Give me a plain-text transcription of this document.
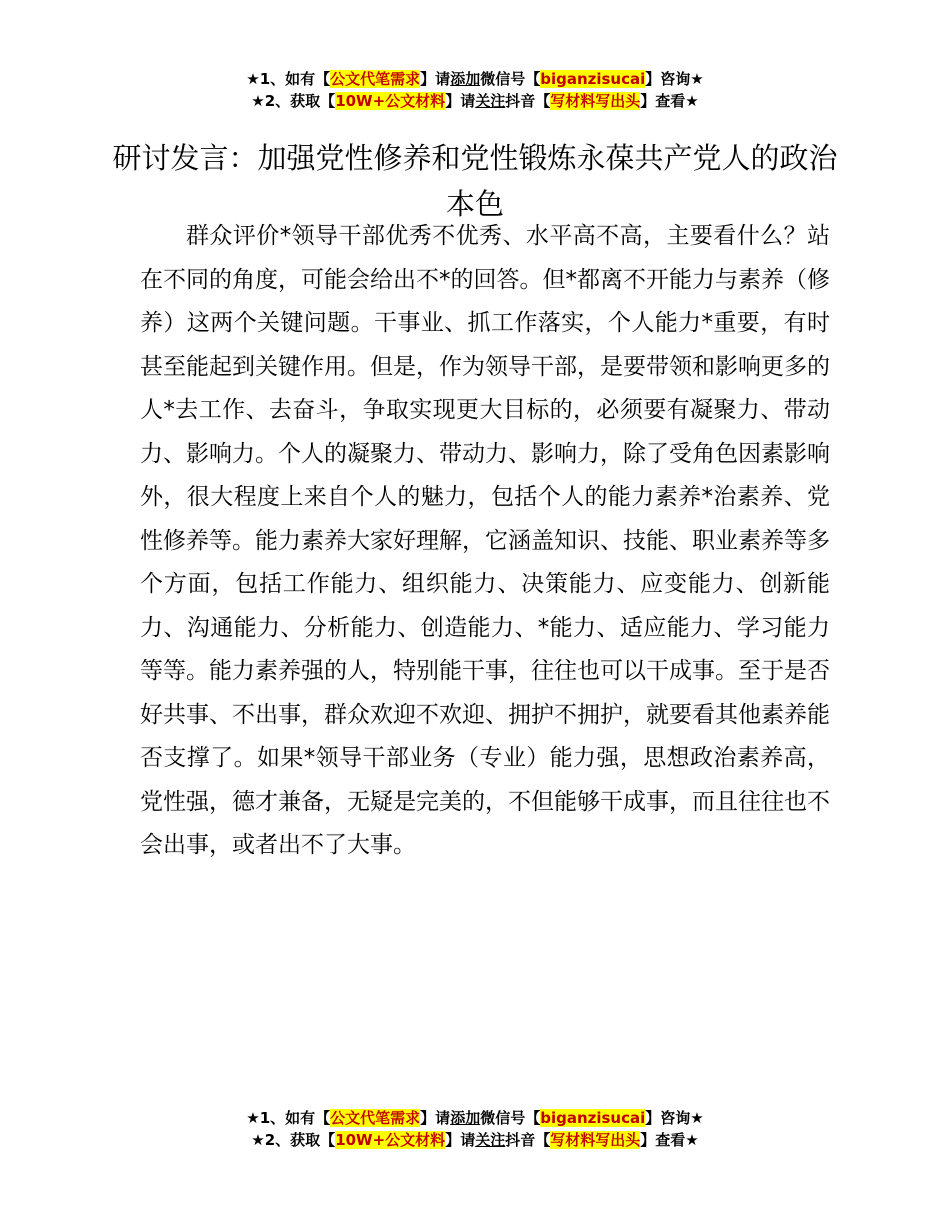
★1、如有【公文代笔需求】请添加微信号【biganzisucai】咨询★
★2、获取【10W+公文材料】请关注抖音【写材料写出头】查看★
研讨发言：加强党性修养和党性锻炼永葆共产党人的政治本色

群众评价*领导干部优秀不优秀、水平高不高，主要看什么？站在不同的角度，可能会给出不*的回答。但*都离不开能力与素养（修养）这两个关键问题。干事业、抓工作落实，个人能力*重要，有时甚至能起到关键作用。但是，作为领导干部，是要带领和影响更多的人*去工作、去奋斗，争取实现更大目标的，必须要有凝聚力、带动力、影响力。个人的凝聚力、带动力、影响力，除了受角色因素影响外，很大程度上来自个人的魅力，包括个人的能力素养*治素养、党性修养等。能力素养大家好理解，它涵盖知识、技能、职业素养等多个方面，包括工作能力、组织能力、决策能力、应变能力、创新能力、沟通能力、分析能力、创造能力、*能力、适应能力、学习能力等等。能力素养强的人，特别能干事，往往也可以干成事。至于是否好共事、不出事，群众欢迎不欢迎、拥护不拥护，就要看其他素养能否支撑了。如果*领导干部业务（专业）能力强，思想政治素养高，党性强，德才兼备，无疑是完美的，不但能够干成事，而且往往也不会出事，或者出不了大事。

★1、如有【公文代笔需求】请添加微信号【biganzisucai】咨询★
★2、获取【10W+公文材料】请关注抖音【写材料写出头】查看★
